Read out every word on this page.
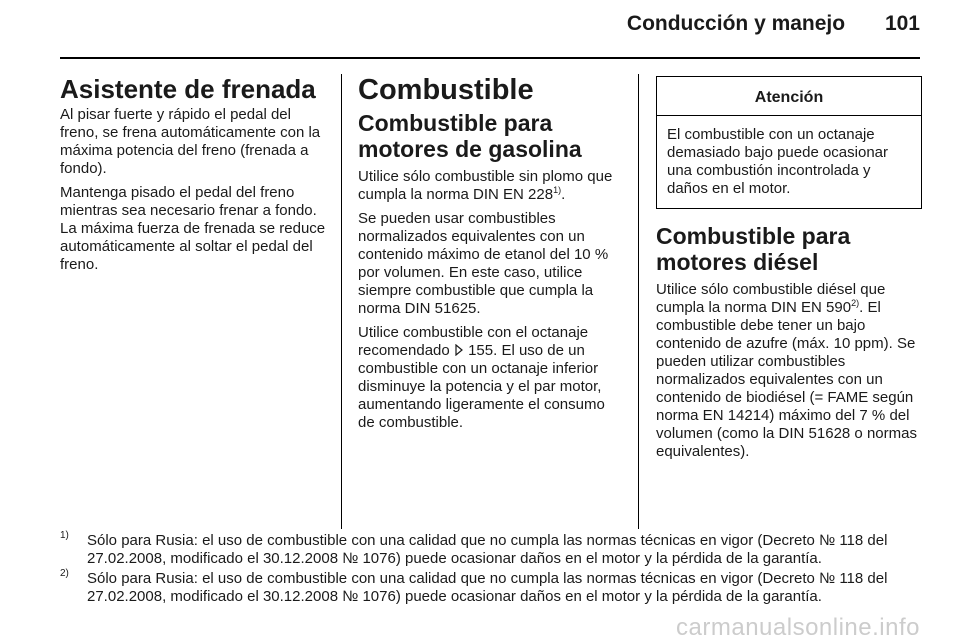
Conducción y manejo 101
Asistente de frenada

Al pisar fuerte y rápido el pedal del freno, se frena automáticamente con la máxima potencia del freno (frenada a fondo).

Mantenga pisado el pedal del freno mientras sea necesario frenar a fondo. La máxima fuerza de frenada se reduce automáticamente al soltar el pedal del freno.

Combustible
Combustible para motores de gasolina

Utilice sólo combustible sin plomo que cumpla la norma DIN EN 228$^{1)}$.

Se pueden usar combustibles normalizados equivalentes con un contenido máximo de etanol del 10 % por volumen. En este caso, utilice siempre combustible que cumpla la norma DIN 51625.

Utilice combustible con el octanaje recomendado 155. El uso de un combustible con un octanaje inferior disminuye la potencia y el par motor, aumentando ligeramente el consumo de combustible.

Atención

El combustible con un octanaje demasiado bajo puede ocasionar una combustión incontrolada y daños en el motor.

Combustible para motores diésel

Utilice sólo combustible diésel que cumpla la norma DIN EN 590$^{2)}$. El combustible debe tener un bajo contenido de azufre (máx. 10 ppm). Se pueden utilizar combustibles normalizados equivalentes con un contenido de biodiésel (= FAME según norma EN 14214) máximo del 7 % del volumen (como la DIN 51628 o normas equivalentes).

1) Sólo para Rusia: el uso de combustible con una calidad que no cumpla las normas técnicas en vigor (Decreto № 118 del 27.02.2008, modificado el 30.12.2008 № 1076) puede ocasionar daños en el motor y la pérdida de la garantía.
2) Sólo para Rusia: el uso de combustible con una calidad que no cumpla las normas técnicas en vigor (Decreto № 118 del 27.02.2008, modificado el 30.12.2008 № 1076) puede ocasionar daños en el motor y la pérdida de la garantía.
carmanualsonline.info
